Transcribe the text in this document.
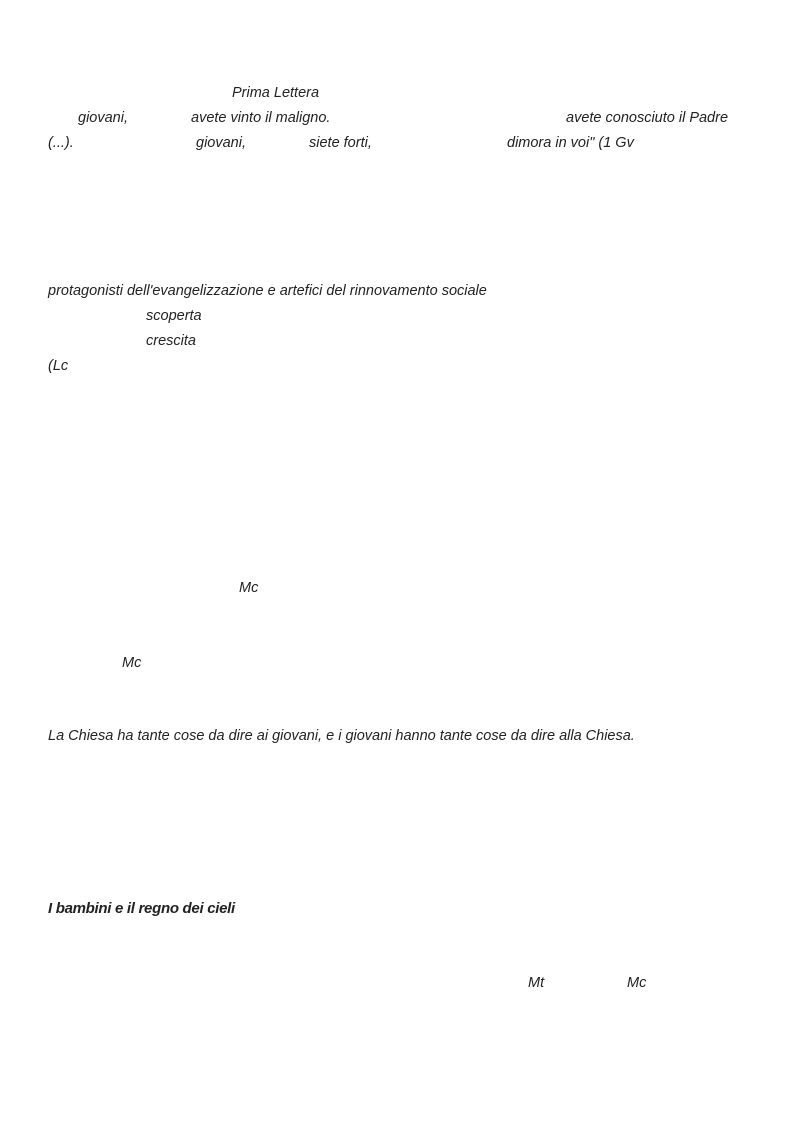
Prima Lettera
giovani,	avete vinto il maligno.	avete conosciuto il Padre
(...).	giovani,	siete forti,	dimora in voi" (1 Gv
protagonisti dell'evangelizzazione e artefici del rinnovamento sociale
scoperta
crescita
(Lc
Mc
Mc
La Chiesa ha tante cose da dire ai giovani, e i giovani hanno tante cose da dire alla Chiesa.
I bambini e il regno dei cieli
Mt	Mc
